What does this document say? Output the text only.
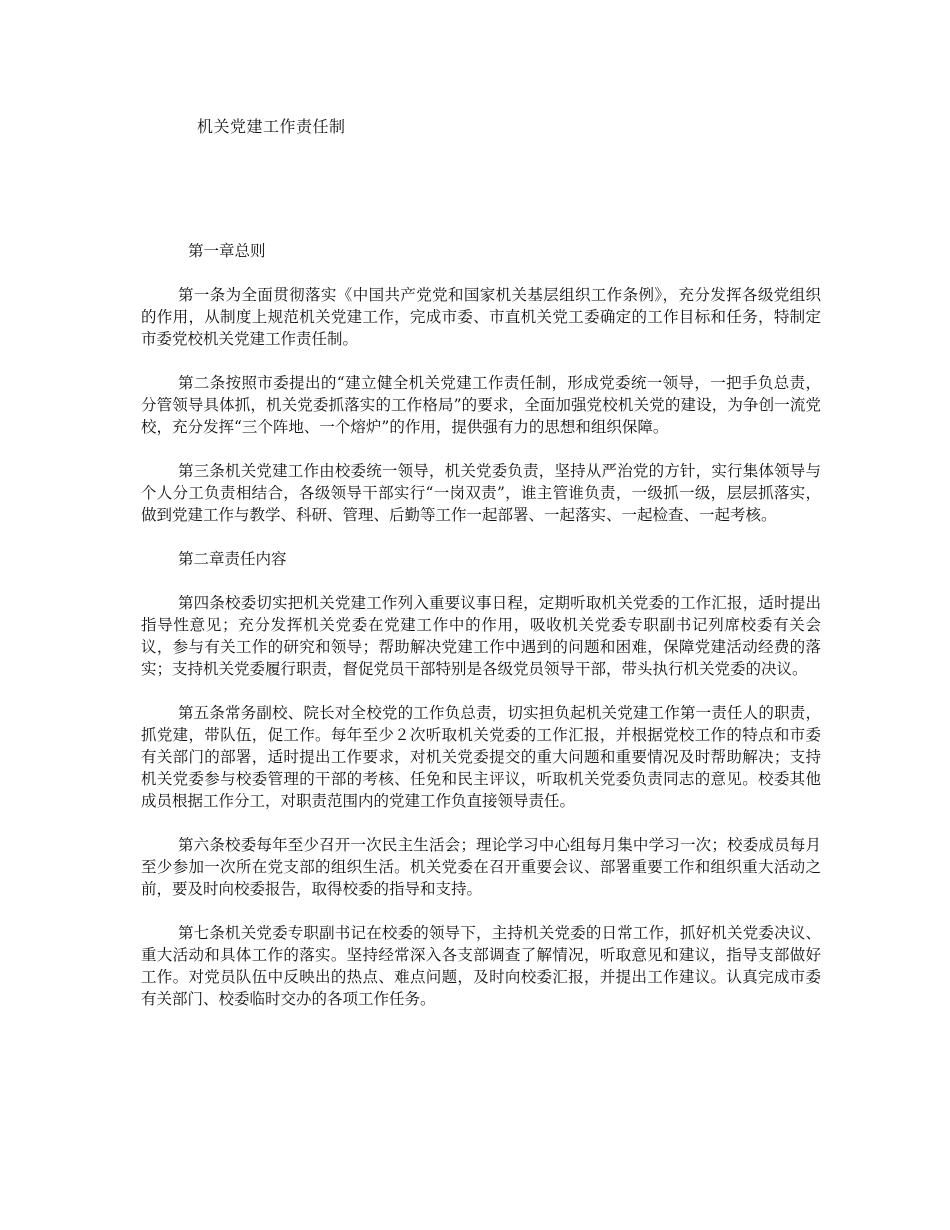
机关党建工作责任制

第一章总则

第一条为全面贯彻落实《中国共产党党和国家机关基层组织工作条例》，充分发挥各级党组织的作用，从制度上规范机关党建工作，完成市委、市直机关党工委确定的工作目标和任务，特制定市委党校机关党建工作责任制。

第二条按照市委提出的“建立健全机关党建工作责任制，形成党委统一领导，一把手负总责，分管领导具体抓，机关党委抓落实的工作格局”的要求，全面加强党校机关党的建设，为争创一流党校，充分发挥“三个阵地、一个熔炉”的作用，提供强有力的思想和组织保障。

第三条机关党建工作由校委统一领导，机关党委负责，坚持从严治党的方针，实行集体领导与个人分工负责相结合，各级领导干部实行“一岗双责”，谁主管谁负责，一级抓一级，层层抓落实，做到党建工作与教学、科研、管理、后勤等工作一起部署、一起落实、一起检查、一起考核。

第二章责任内容

第四条校委切实把机关党建工作列入重要议事日程，定期听取机关党委的工作汇报，适时提出指导性意见；充分发挥机关党委在党建工作中的作用，吸收机关党委专职副书记列席校委有关会议，参与有关工作的研究和领导；帮助解决党建工作中遇到的问题和困难，保障党建活动经费的落实；支持机关党委履行职责，督促党员干部特别是各级党员领导干部，带头执行机关党委的决议。

第五条常务副校、院长对全校党的工作负总责，切实担负起机关党建工作第一责任人的职责，抓党建，带队伍，促工作。每年至少２次听取机关党委的工作汇报，并根据党校工作的特点和市委有关部门的部署，适时提出工作要求，对机关党委提交的重大问题和重要情况及时帮助解决；支持机关党委参与校委管理的干部的考核、任免和民主评议，听取机关党委负责同志的意见。校委其他成员根据工作分工，对职责范围内的党建工作负直接领导责任。

第六条校委每年至少召开一次民主生活会；理论学习中心组每月集中学习一次；校委成员每月至少参加一次所在党支部的组织生活。机关党委在召开重要会议、部署重要工作和组织重大活动之前，要及时向校委报告，取得校委的指导和支持。

第七条机关党委专职副书记在校委的领导下，主持机关党委的日常工作，抓好机关党委决议、重大活动和具体工作的落实。坚持经常深入各支部调查了解情况，听取意见和建议，指导支部做好工作。对党员队伍中反映出的热点、难点问题，及时向校委汇报，并提出工作建议。认真完成市委有关部门、校委临时交办的各项工作任务。
